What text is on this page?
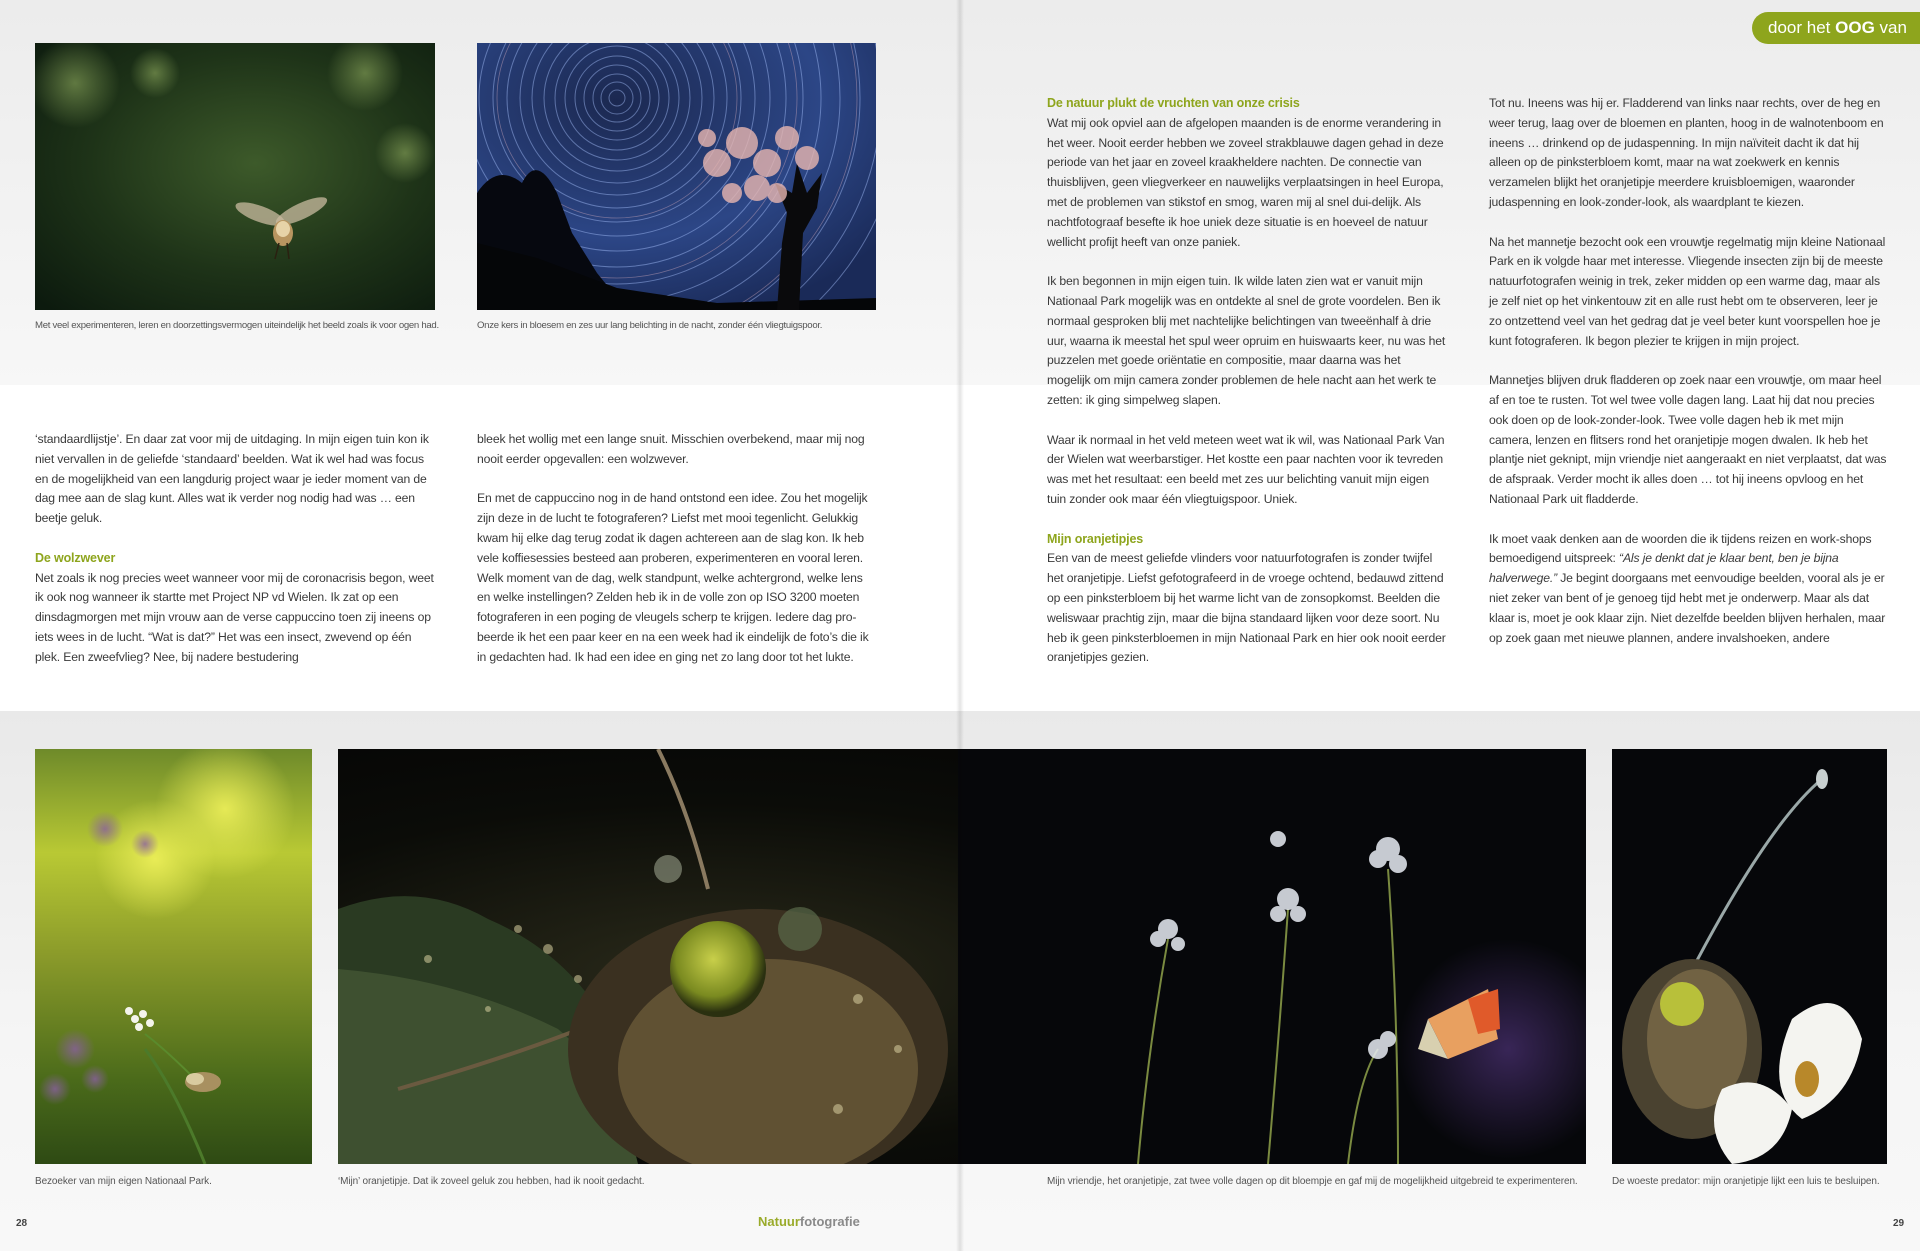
door het OOG van
Met veel experimenteren, leren en doorzettingsvermogen uiteindelijk het beeld zoals ik voor ogen had.	Onze kers in bloesem en zes uur lang belichting in de nacht, zonder één vliegtuigspoor.

‘standaardlijstje’. En daar zat voor mij de uitdaging. In mijn eigen tuin kon ik niet vervallen in de geliefde ‘standaard’ beelden. Wat ik wel had was focus en de mogelijkheid van een langdurig project waar je ieder moment van de dag mee aan de slag kunt. Alles wat ik verder nog nodig had was … een beetje geluk.

De wolzwever

Net zoals ik nog precies weet wanneer voor mij de coronacrisis begon, weet ik ook nog wanneer ik startte met Project NP vd Wielen. Ik zat op een dinsdagmorgen met mijn vrouw aan de verse cappuccino toen zij ineens op iets wees in de lucht. “Wat is dat?” Het was een insect, zwevend op één plek. Een zweefvlieg? Nee, bij nadere bestudering

bleek het wollig met een lange snuit. Misschien overbekend, maar mij nog nooit eerder opgevallen: een wolzwever.

En met de cappuccino nog in de hand ontstond een idee. Zou het mogelijk zijn deze in de lucht te fotograferen? Liefst met mooi tegenlicht. Gelukkig kwam hij elke dag terug zodat ik dagen achtereen aan de slag kon. Ik heb vele koffiesessies besteed aan proberen, experimenteren en vooral leren. Welk moment van de dag, welk standpunt, welke achtergrond, welke lens en welke instellingen? Zelden heb ik in de volle zon op ISO 3200 moeten fotograferen in een poging de vleugels scherp te krijgen. Iedere dag pro-beerde ik het een paar keer en na een week had ik eindelijk de foto’s die ik in gedachten had. Ik had een idee en ging net zo lang door tot het lukte.

De natuur plukt de vruchten van onze crisis

Wat mij ook opviel aan de afgelopen maanden is de enorme verandering in het weer. Nooit eerder hebben we zoveel strakblauwe dagen gehad in deze periode van het jaar en zoveel kraakheldere nachten. De connectie van thuisblijven, geen vliegverkeer en nauwelijks verplaatsingen in heel Europa, met de problemen van stikstof en smog, waren mij al snel dui-delijk. Als nachtfotograaf besefte ik hoe uniek deze situatie is en hoeveel de natuur wellicht profijt heeft van onze paniek.

Ik ben begonnen in mijn eigen tuin. Ik wilde laten zien wat er vanuit mijn Nationaal Park mogelijk was en ontdekte al snel de grote voordelen. Ben ik normaal gesproken blij met nachtelijke belichtingen van tweeënhalf à drie uur, waarna ik meestal het spul weer opruim en huiswaarts keer, nu was het puzzelen met goede oriëntatie en compositie, maar daarna was het mogelijk om mijn camera zonder problemen de hele nacht aan het werk te zetten: ik ging simpelweg slapen.

Waar ik normaal in het veld meteen weet wat ik wil, was Nationaal Park Van der Wielen wat weerbarstiger. Het kostte een paar nachten voor ik tevreden was met het resultaat: een beeld met zes uur belichting vanuit mijn eigen tuin zonder ook maar één vliegtuigspoor. Uniek.

Mijn oranjetipjes

Een van de meest geliefde vlinders voor natuurfotografen is zonder twijfel het oranjetipje. Liefst gefotografeerd in de vroege ochtend, bedauwd zittend op een pinksterbloem bij het warme licht van de zonsopkomst. Beelden die weliswaar prachtig zijn, maar die bijna standaard lijken voor deze soort. Nu heb ik geen pinksterbloemen in mijn Nationaal Park en hier ook nooit eerder oranjetipjes gezien.

Tot nu. Ineens was hij er. Fladderend van links naar rechts, over de heg en weer terug, laag over de bloemen en planten, hoog in de walnotenboom en ineens … drinkend op de judaspenning. In mijn naïviteit dacht ik dat hij alleen op de pinksterbloem komt, maar na wat zoekwerk en kennis verzamelen blijkt het oranjetipje meerdere kruisbloemigen, waaronder judaspenning en look-zonder-look, als waardplant te kiezen.

Na het mannetje bezocht ook een vrouwtje regelmatig mijn kleine Nationaal Park en ik volgde haar met interesse. Vliegende insecten zijn bij de meeste natuurfotografen weinig in trek, zeker midden op een warme dag, maar als je zelf niet op het vinkentouw zit en alle rust hebt om te observeren, leer je zo ontzettend veel van het gedrag dat je veel beter kunt voorspellen hoe je kunt fotograferen. Ik begon plezier te krijgen in mijn project.

Mannetjes blijven druk fladderen op zoek naar een vrouwtje, om maar heel af en toe te rusten. Tot wel twee volle dagen lang. Laat hij dat nou precies ook doen op de look-zonder-look. Twee volle dagen heb ik met mijn camera, lenzen en flitsers rond het oranjetipje mogen dwalen. Ik heb het plantje niet geknipt, mijn vriendje niet aangeraakt en niet verplaatst, dat was de afspraak. Verder mocht ik alles doen … tot hij ineens opvloog en het Nationaal Park uit fladderde.

Ik moet vaak denken aan de woorden die ik tijdens reizen en work-shops bemoedigend uitspreek: “Als je denkt dat je klaar bent, ben je bijna halverwege.” Je begint doorgaans met eenvoudige beelden, vooral als je er niet zeker van bent of je genoeg tijd hebt met je onderwerp. Maar als dat klaar is, moet je ook klaar zijn. Niet dezelfde beelden blijven herhalen, maar op zoek gaan met nieuwe plannen, andere invalshoeken, andere

Bezoeker van mijn eigen Nationaal Park.	‘Mijn’ oranjetipje. Dat ik zoveel geluk zou hebben, had ik nooit gedacht.	Mijn vriendje, het oranjetipje, zat twee volle dagen op dit bloempje en gaf mij de mogelijkheid uitgebreid te experimenteren.	De woeste predator: mijn oranjetipje lijkt een luis te besluipen.
28	29
Natuurfotografie
